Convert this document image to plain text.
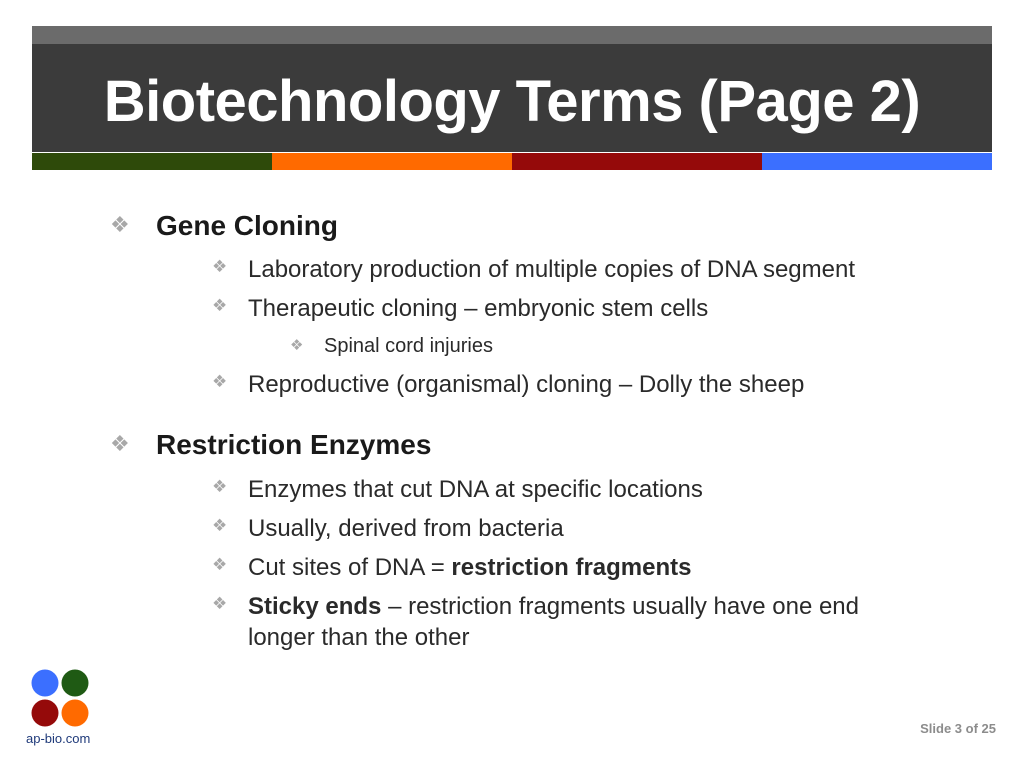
Biotechnology Terms (Page 2)
❖ Gene Cloning
❖ Laboratory production of multiple copies of DNA segment
❖ Therapeutic cloning – embryonic stem cells
❖	Spinal cord injuries
❖ Reproductive (organismal) cloning – Dolly the sheep
❖ Restriction Enzymes
❖ Enzymes that cut DNA at specific locations
❖ Usually, derived from bacteria
❖ Cut sites of DNA = restriction fragments
❖ Sticky ends – restriction fragments usually have one end
longer than the other
ap-bio.com
Slide 3 of 25
